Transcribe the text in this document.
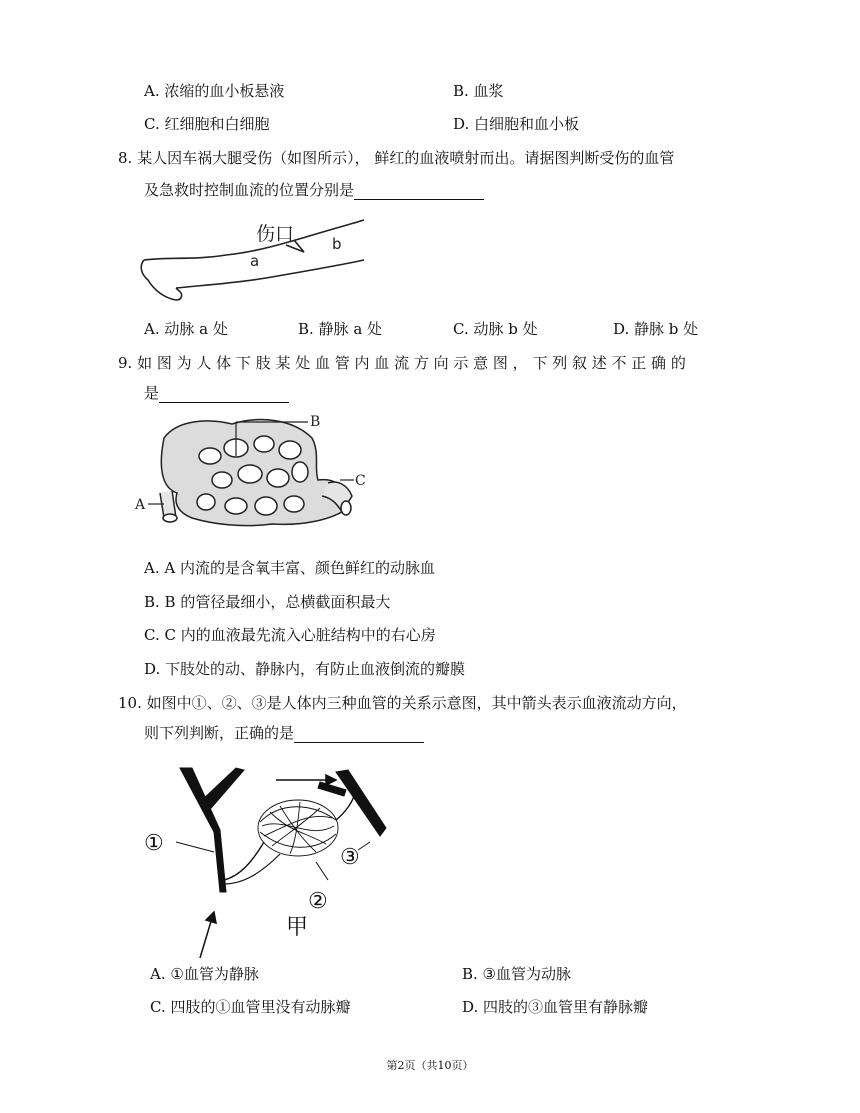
A. 浓缩的血小板悬液	B. 血浆
C. 红细胞和白细胞	D. 白细胞和血小板
8. 某人因车祸大腿受伤（如图所示）， 鲜红的血液喷射而出。请据图判断受伤的血管
及急救时控制血流的位置分别是
伤口
a
b
A. 动脉 a 处	B. 静脉 a 处	C. 动脉 b 处	D. 静脉 b 处
9. 如 图 为 人 体 下 肢 某 处 血 管 内 血 流 方 向 示 意 图 ， 下 列 叙 述 不 正 确 的
是
B
A
C
A. A 内流的是含氧丰富、颜色鲜红的动脉血
B. B 的管径最细小，总横截面积最大
C. C 内的血液最先流入心脏结构中的右心房
D. 下肢处的动、静脉内，有防止血液倒流的瓣膜
10. 如图中①、②、③是人体内三种血管的关系示意图，其中箭头表示血液流动方向，
则下列判断，正确的是
①
②
③
甲
A. ①血管为静脉	B. ③血管为动脉
C. 四肢的①血管里没有动脉瓣	D. 四肢的③血管里有静脉瓣
第2页（共10页）
